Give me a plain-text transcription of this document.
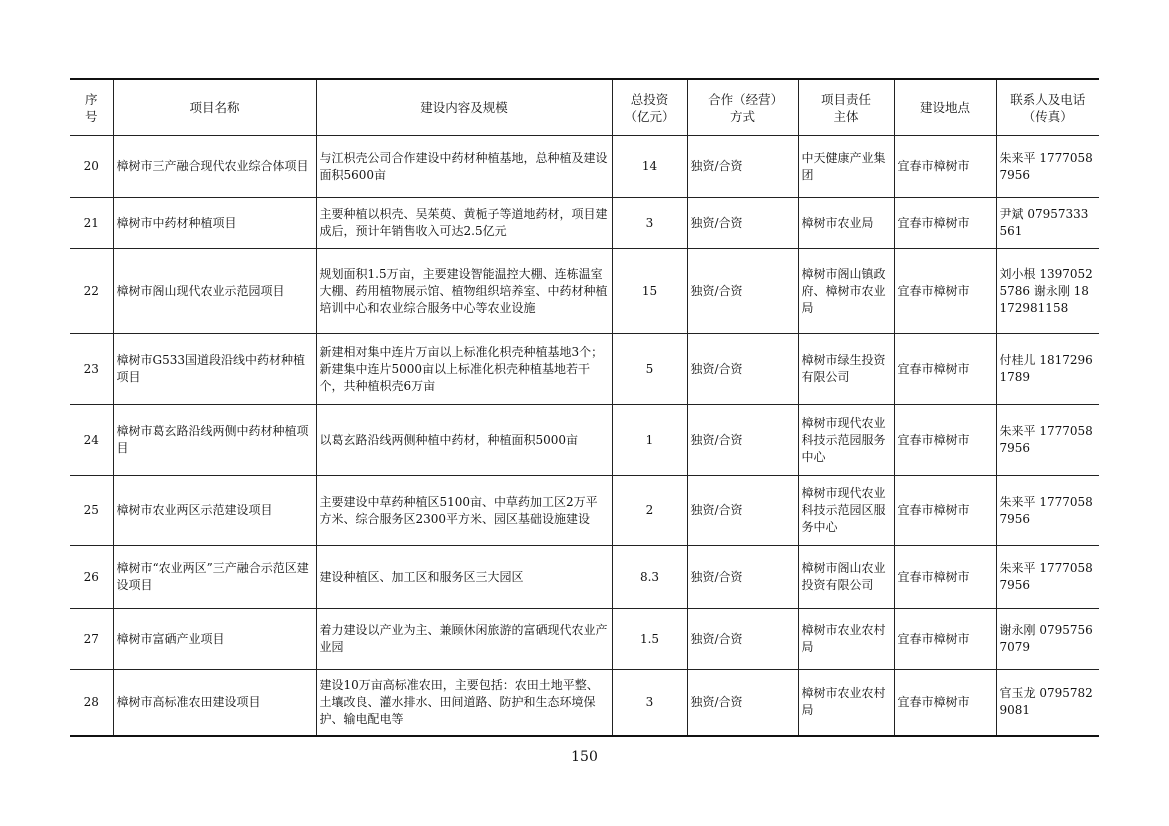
序号	项目名称	建设内容及规模	总投资（亿元）	合作（经营）方式	项目责任主体	建设地点	联系人及电话（传真）
20	樟树市三产融合现代农业综合体项目	与江枳壳公司合作建设中药材种植基地，总种植及建设面积5600亩	14	独资/合资	中天健康产业集团	宜春市樟树市	朱来平 17770587956
21	樟树市中药材种植项目	主要种植以枳壳、吴茱萸、黄栀子等道地药材，项目建成后，预计年销售收入可达2.5亿元	3	独资/合资	樟树市农业局	宜春市樟树市	尹斌 07957333561
22	樟树市阁山现代农业示范园项目	规划面积1.5万亩，主要建设智能温控大棚、连栋温室大棚、药用植物展示馆、植物组织培养室、中药材种植培训中心和农业综合服务中心等农业设施	15	独资/合资	樟树市阁山镇政府、樟树市农业局	宜春市樟树市	刘小根 13970525786 谢永刚 18172981158
23	樟树市G533国道段沿线中药材种植项目	新建相对集中连片万亩以上标准化枳壳种植基地3个；新建集中连片5000亩以上标准化枳壳种植基地若干个，共种植枳壳6万亩	5	独资/合资	樟树市绿生投资有限公司	宜春市樟树市	付桂儿 18172961789
24	樟树市葛玄路沿线两侧中药材种植项目	以葛玄路沿线两侧种植中药材，种植面积5000亩	1	独资/合资	樟树市现代农业科技示范园服务中心	宜春市樟树市	朱来平 17770587956
25	樟树市农业两区示范建设项目	主要建设中草药种植区5100亩、中草药加工区2万平方米、综合服务区2300平方米、园区基础设施建设	2	独资/合资	樟树市现代农业科技示范园区服务中心	宜春市樟树市	朱来平 17770587956
26	樟树市“农业两区”三产融合示范区建设项目	建设种植区、加工区和服务区三大园区	8.3	独资/合资	樟树市阁山农业投资有限公司	宜春市樟树市	朱来平 17770587956
27	樟树市富硒产业项目	着力建设以产业为主、兼顾休闲旅游的富硒现代农业产业园	1.5	独资/合资	樟树市农业农村局	宜春市樟树市	谢永刚 07957567079
28	樟树市高标准农田建设项目	建设10万亩高标准农田，主要包括：农田土地平整、土壤改良、灌水排水、田间道路、防护和生态环境保护、输电配电等	3	独资/合资	樟树市农业农村局	宜春市樟树市	官玉龙 07957829081
150
